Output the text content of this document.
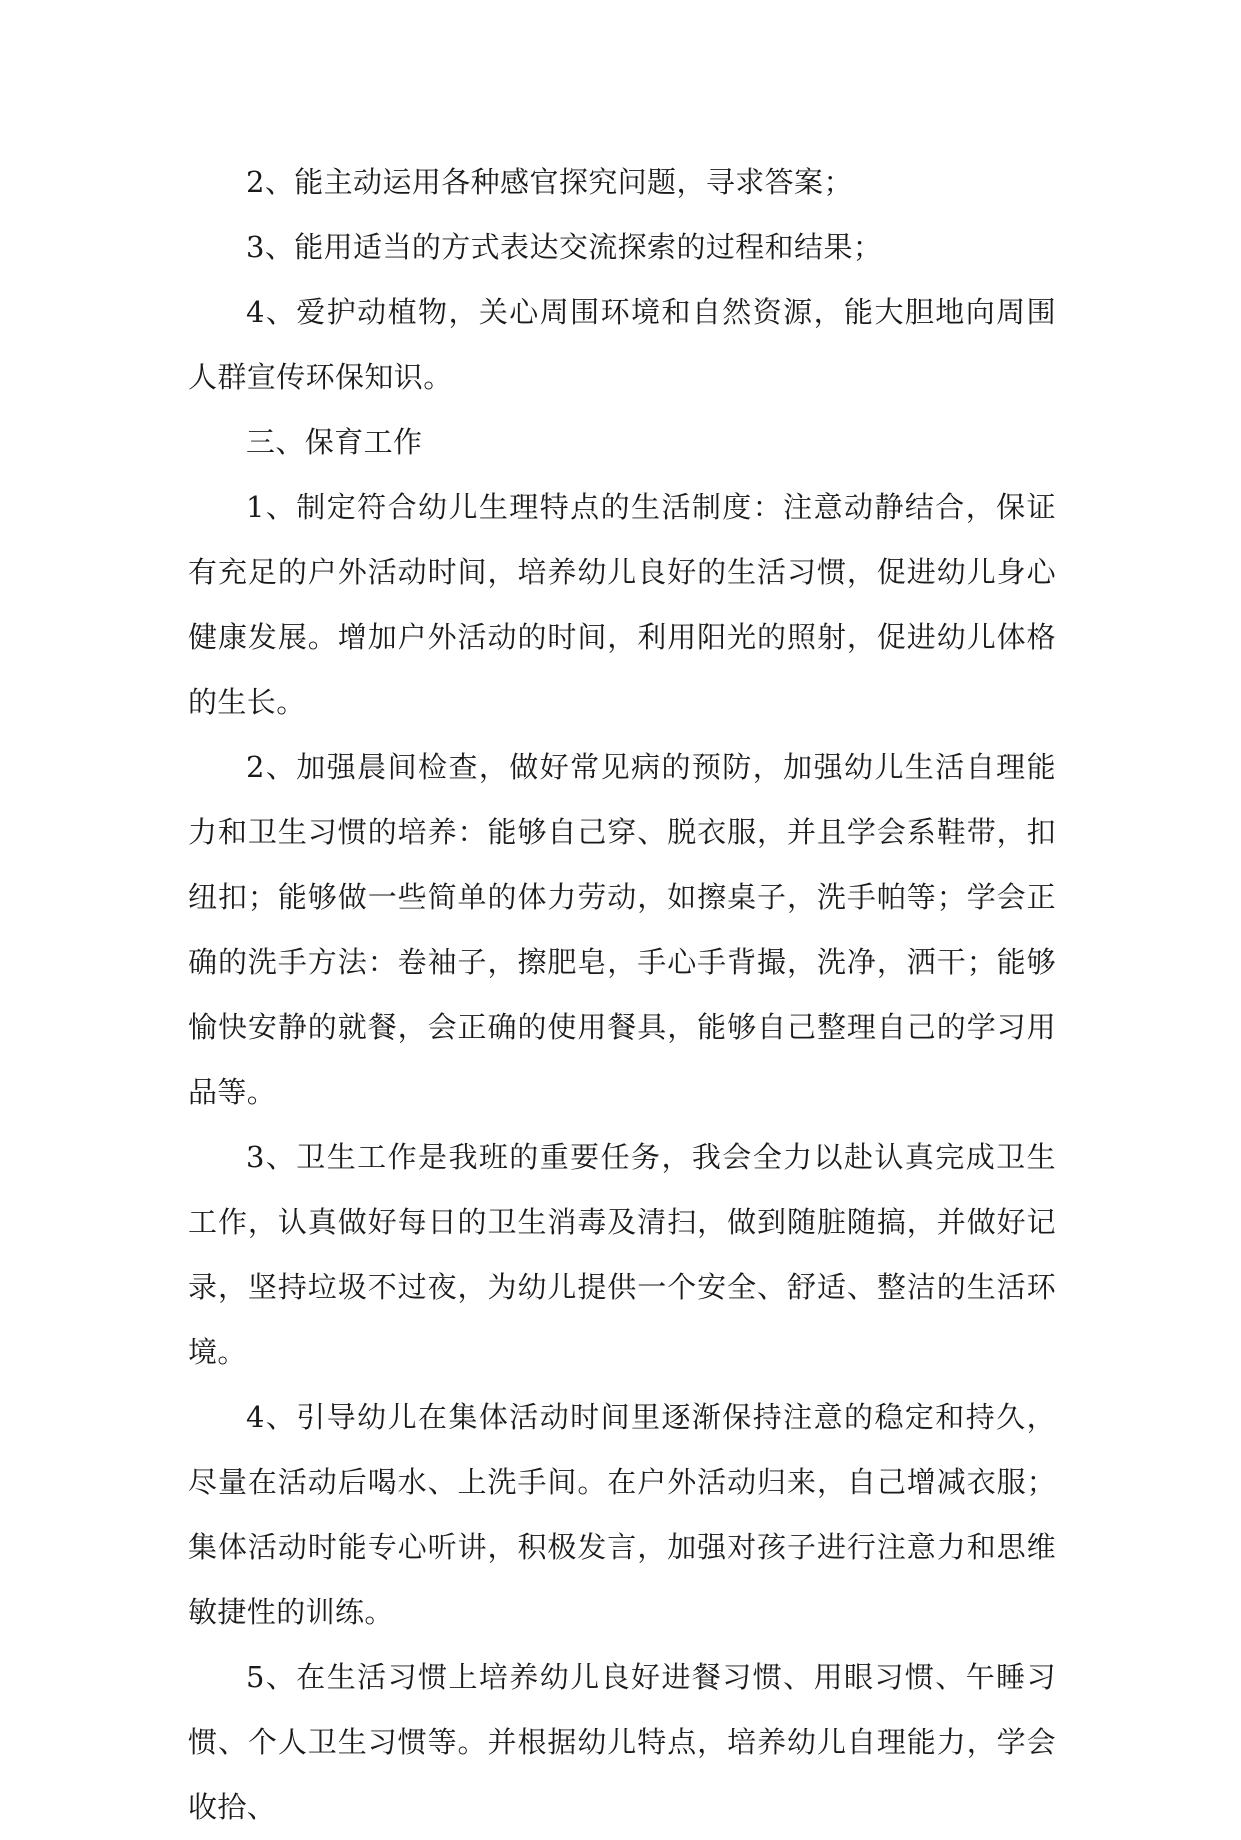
2、能主动运用各种感官探究问题，寻求答案；

3、能用适当的方式表达交流探索的过程和结果；

4、爱护动植物，关心周围环境和自然资源，能大胆地向周围人群宣传环保知识。

三、保育工作

1、制定符合幼儿生理特点的生活制度：注意动静结合，保证有充足的户外活动时间，培养幼儿良好的生活习惯，促进幼儿身心健康发展。增加户外活动的时间，利用阳光的照射，促进幼儿体格的生长。

2、加强晨间检查，做好常见病的预防，加强幼儿生活自理能力和卫生习惯的培养：能够自己穿、脱衣服，并且学会系鞋带，扣纽扣；能够做一些简单的体力劳动，如擦桌子，洗手帕等；学会正确的洗手方法：卷袖子，擦肥皂，手心手背撮，洗净，洒干；能够愉快安静的就餐，会正确的使用餐具，能够自己整理自己的学习用品等。

3、卫生工作是我班的重要任务，我会全力以赴认真完成卫生工作，认真做好每日的卫生消毒及清扫，做到随脏随搞，并做好记录，坚持垃圾不过夜，为幼儿提供一个安全、舒适、整洁的生活环境。

4、引导幼儿在集体活动时间里逐渐保持注意的稳定和持久，尽量在活动后喝水、上洗手间。在户外活动归来，自己增减衣服；集体活动时能专心听讲，积极发言，加强对孩子进行注意力和思维敏捷性的训练。

5、在生活习惯上培养幼儿良好进餐习惯、用眼习惯、午睡习惯、个人卫生习惯等。并根据幼儿特点，培养幼儿自理能力，学会收拾、
